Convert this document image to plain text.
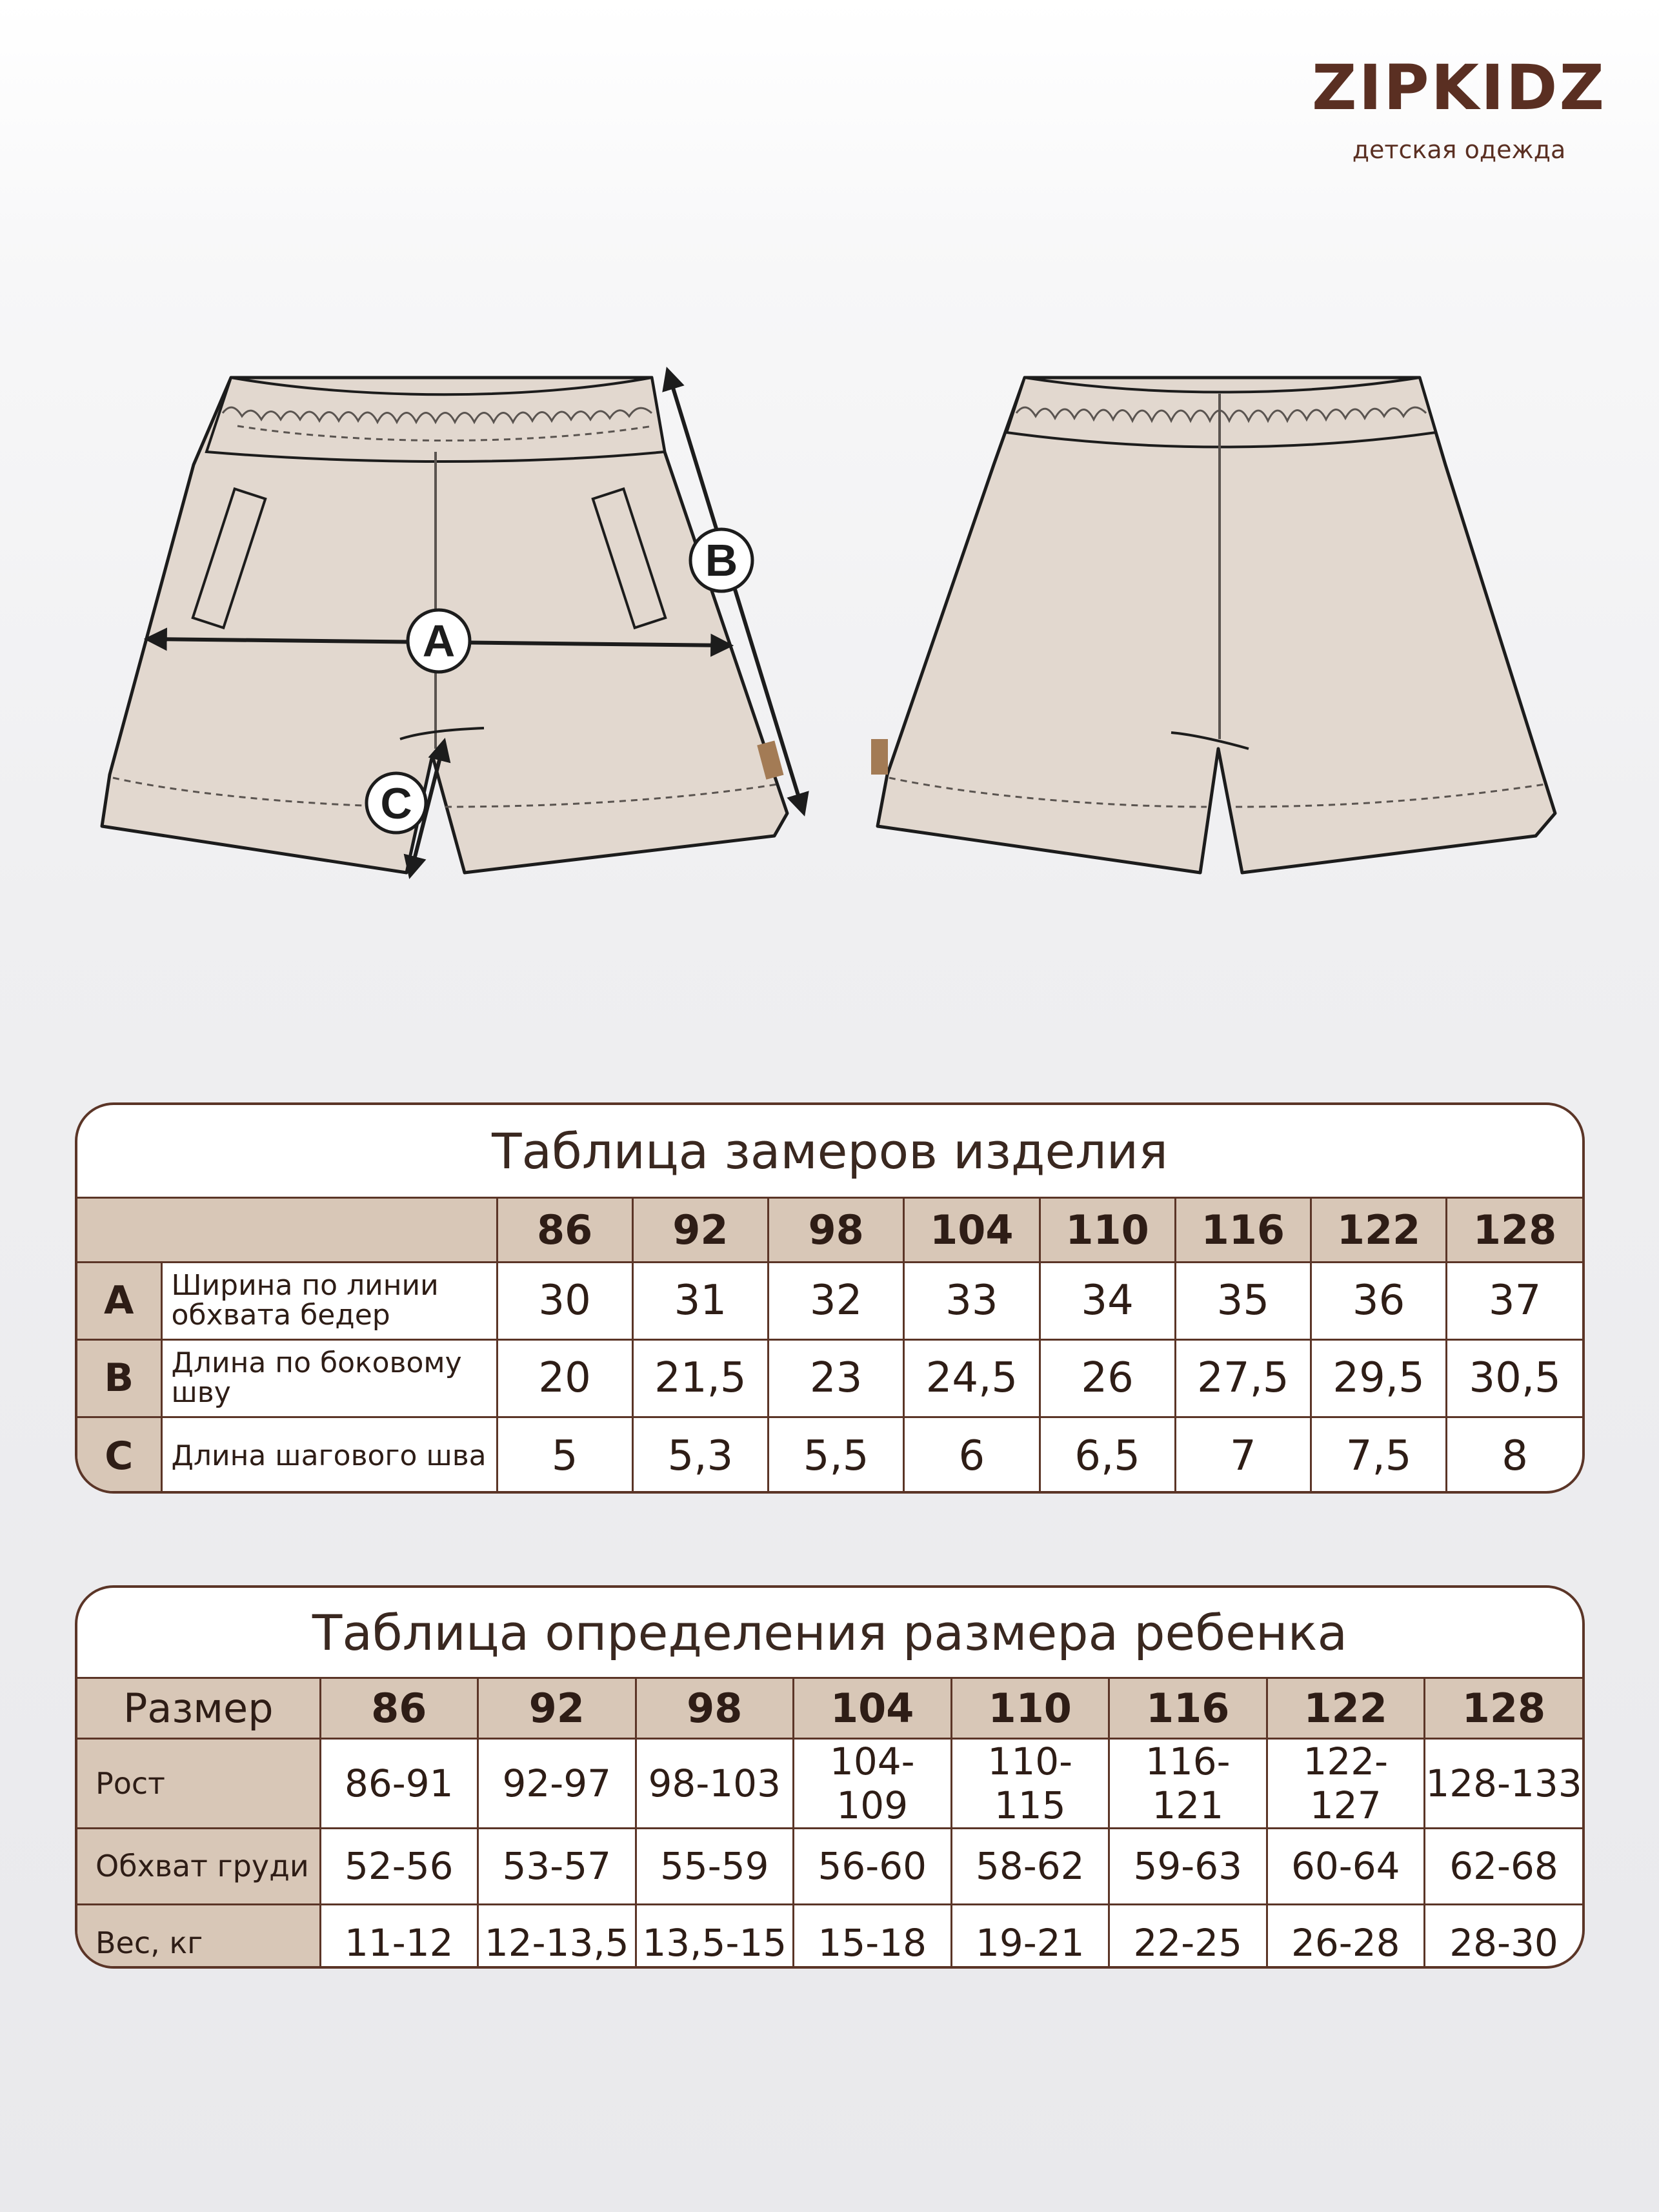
ZIPKIDZ
детская одежда
A
B
C
Таблица замеров изделия
		86	92	98	104	110	116	122	128
A	Ширина по линии обхвата бедер	30	31	32	33	34	35	36	37
B	Длина по боковому шву	20	21,5	23	24,5	26	27,5	29,5	30,5
C	Длина шагового шва	5	5,3	5,5	6	6,5	7	7,5	8
Таблица определения размера ребенка
Размер	86	92	98	104	110	116	122	128
Рост	86-91	92-97	98-103	104-109	110-115	116-121	122-127	128-133
Обхват груди	52-56	53-57	55-59	56-60	58-62	59-63	60-64	62-68
Вес, кг	11-12	12-13,5	13,5-15	15-18	19-21	22-25	26-28	28-30
